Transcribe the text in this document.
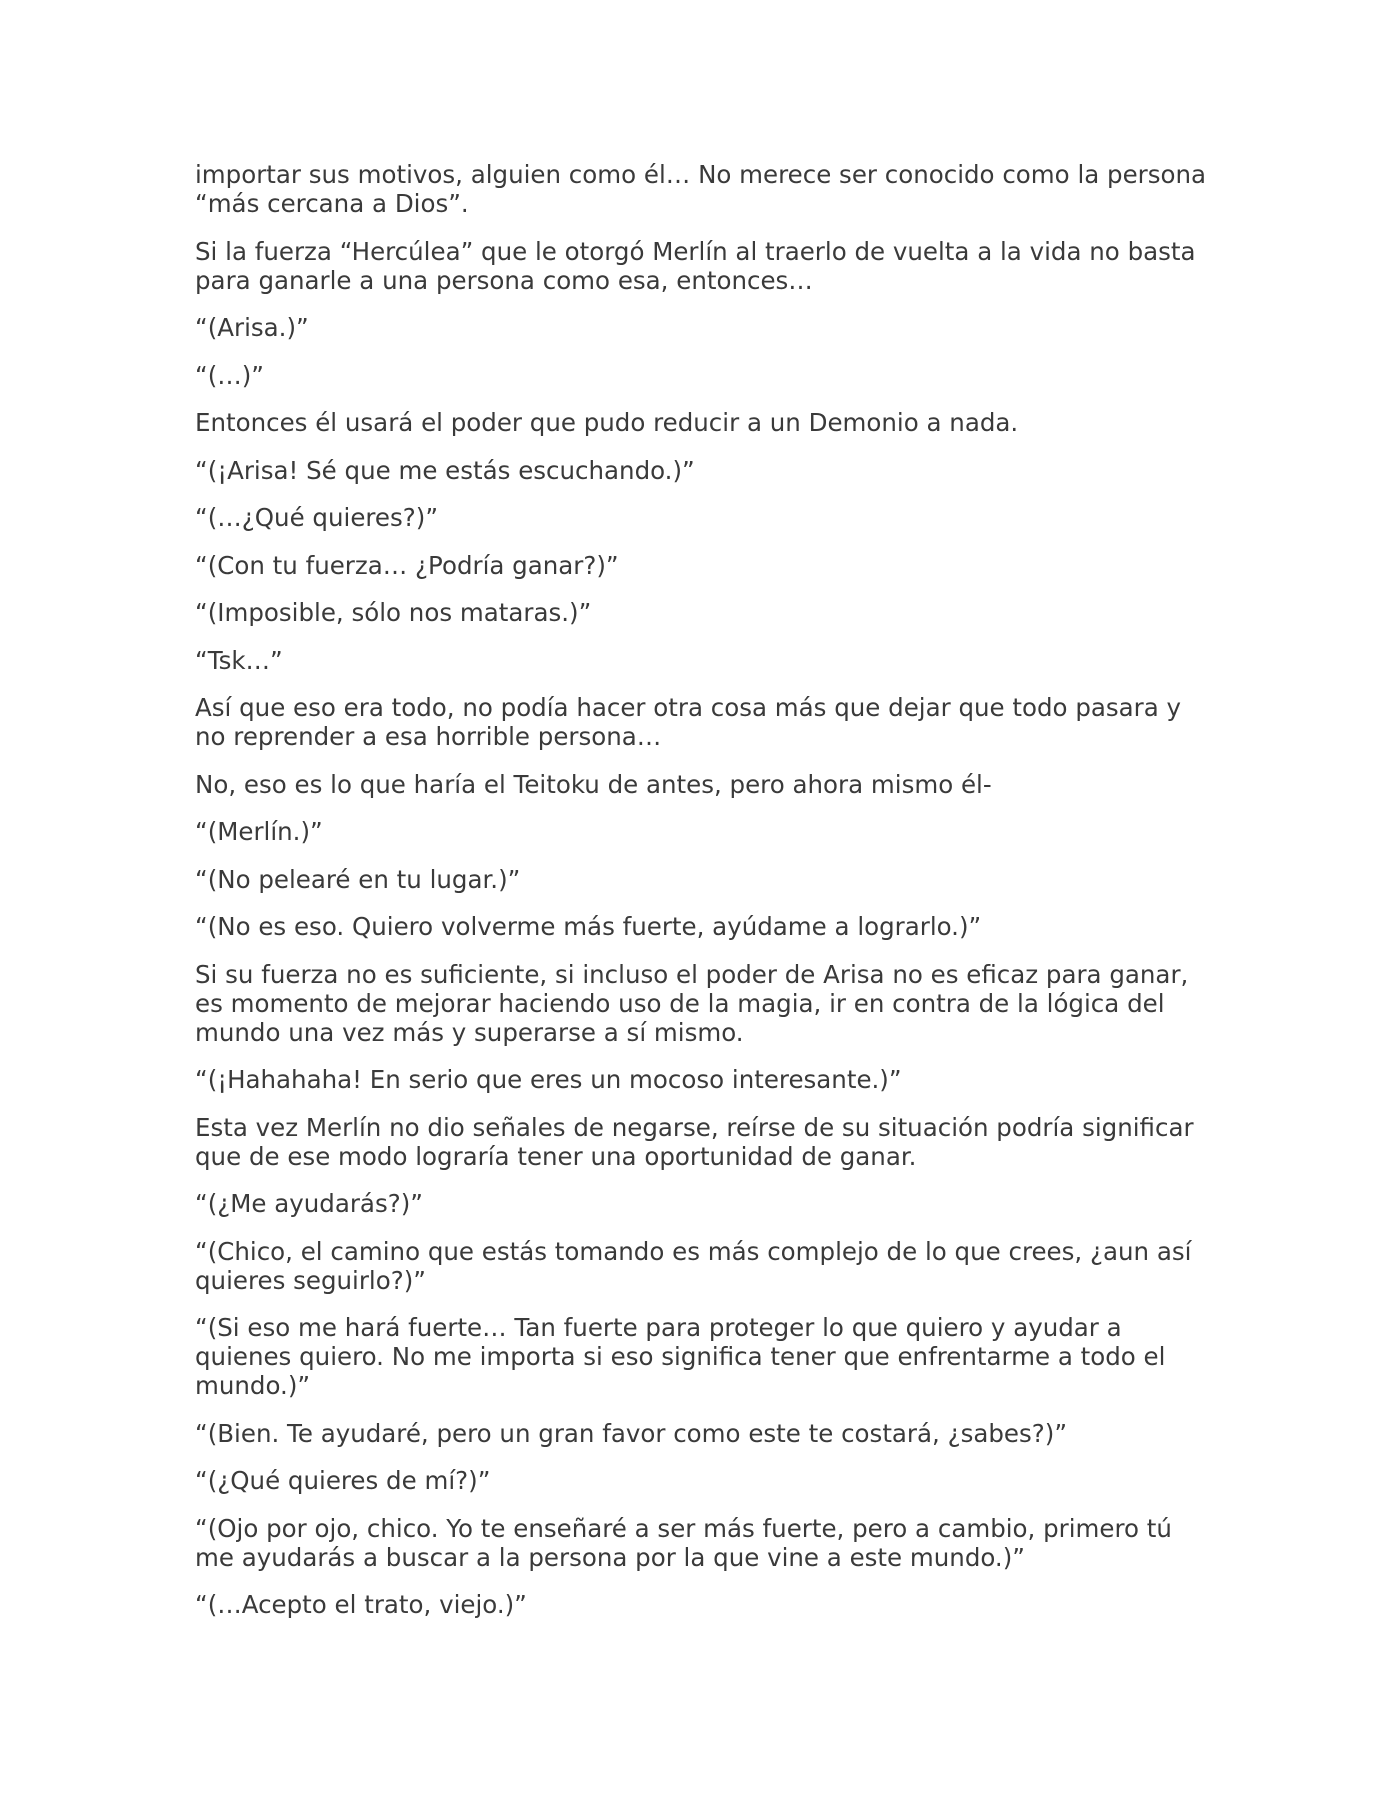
importar sus motivos, alguien como él… No merece ser conocido como la persona “más cercana a Dios”.

Si la fuerza “Hercúlea” que le otorgó Merlín al traerlo de vuelta a la vida no basta para ganarle a una persona como esa, entonces…

“(Arisa.)”

“(…)”

Entonces él usará el poder que pudo reducir a un Demonio a nada.

“(¡Arisa! Sé que me estás escuchando.)”

“(…¿Qué quieres?)”

“(Con tu fuerza… ¿Podría ganar?)”

“(Imposible, sólo nos mataras.)”

“Tsk…”

Así que eso era todo, no podía hacer otra cosa más que dejar que todo pasara y no reprender a esa horrible persona…

No, eso es lo que haría el Teitoku de antes, pero ahora mismo él-

“(Merlín.)”

“(No pelearé en tu lugar.)”

“(No es eso. Quiero volverme más fuerte, ayúdame a lograrlo.)”

Si su fuerza no es suficiente, si incluso el poder de Arisa no es eficaz para ganar, es momento de mejorar haciendo uso de la magia, ir en contra de la lógica del mundo una vez más y superarse a sí mismo.

“(¡Hahahaha! En serio que eres un mocoso interesante.)”

Esta vez Merlín no dio señales de negarse, reírse de su situación podría significar que de ese modo lograría tener una oportunidad de ganar.

“(¿Me ayudarás?)”

“(Chico, el camino que estás tomando es más complejo de lo que crees, ¿aun así quieres seguirlo?)”

“(Si eso me hará fuerte… Tan fuerte para proteger lo que quiero y ayudar a quienes quiero. No me importa si eso significa tener que enfrentarme a todo el mundo.)”

“(Bien. Te ayudaré, pero un gran favor como este te costará, ¿sabes?)”

“(¿Qué quieres de mí?)”

“(Ojo por ojo, chico. Yo te enseñaré a ser más fuerte, pero a cambio, primero tú me ayudarás a buscar a la persona por la que vine a este mundo.)”

“(…Acepto el trato, viejo.)”
